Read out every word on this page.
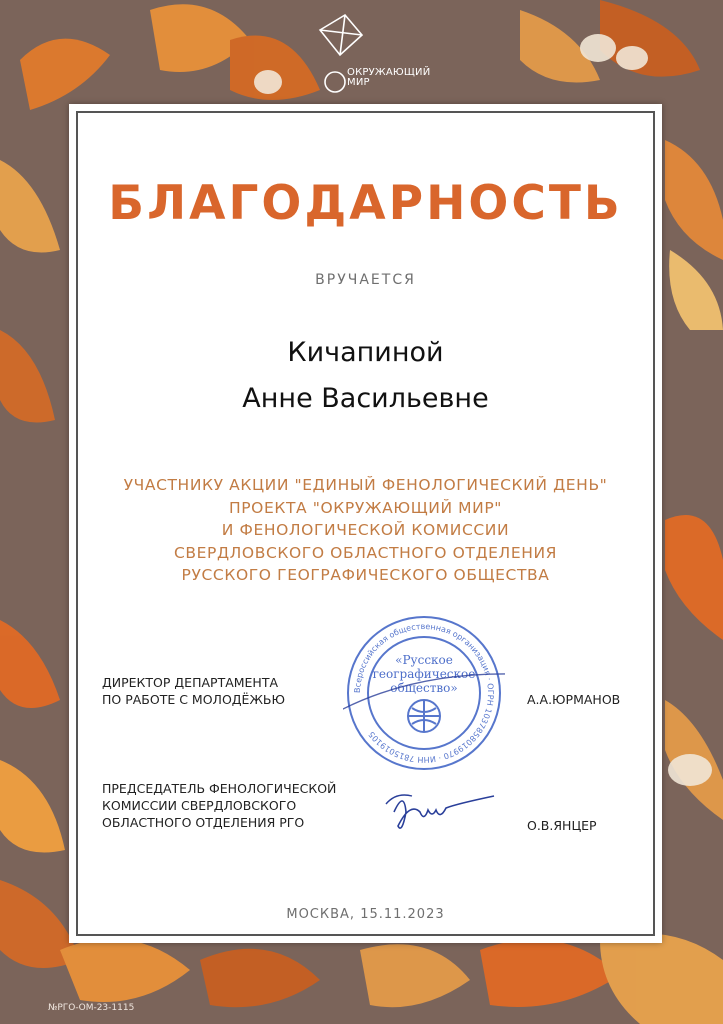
ОКРУЖАЮЩИЙ
МИР
БЛАГОДАРНОСТЬ
ВРУЧАЕТСЯ
Кичапиной
Анне Васильевне
УЧАСТНИКУ АКЦИИ "ЕДИНЫЙ ФЕНОЛОГИЧЕСКИЙ ДЕНЬ"
ПРОЕКТА "ОКРУЖАЮЩИЙ МИР"
И ФЕНОЛОГИЧЕСКОЙ КОМИССИИ
СВЕРДЛОВСКОГО ОБЛАСТНОГО ОТДЕЛЕНИЯ
РУССКОГО ГЕОГРАФИЧЕСКОГО ОБЩЕСТВА
Всероссийская общественная организация · ОГРН 1037858019970 · ИНН 7815019105
«Русское
географическое
общество»
ДИРЕКТОР ДЕПАРТАМЕНТА
ПО РАБОТЕ С МОЛОДЁЖЬЮ	А.А.ЮРМАНОВ
ПРЕДСЕДАТЕЛЬ ФЕНОЛОГИЧЕСКОЙ
КОМИССИИ СВЕРДЛОВСКОГО
ОБЛАСТНОГО ОТДЕЛЕНИЯ РГО	О.В.ЯНЦЕР
МОСКВА, 15.11.2023
№РГО-ОМ-23-1115
